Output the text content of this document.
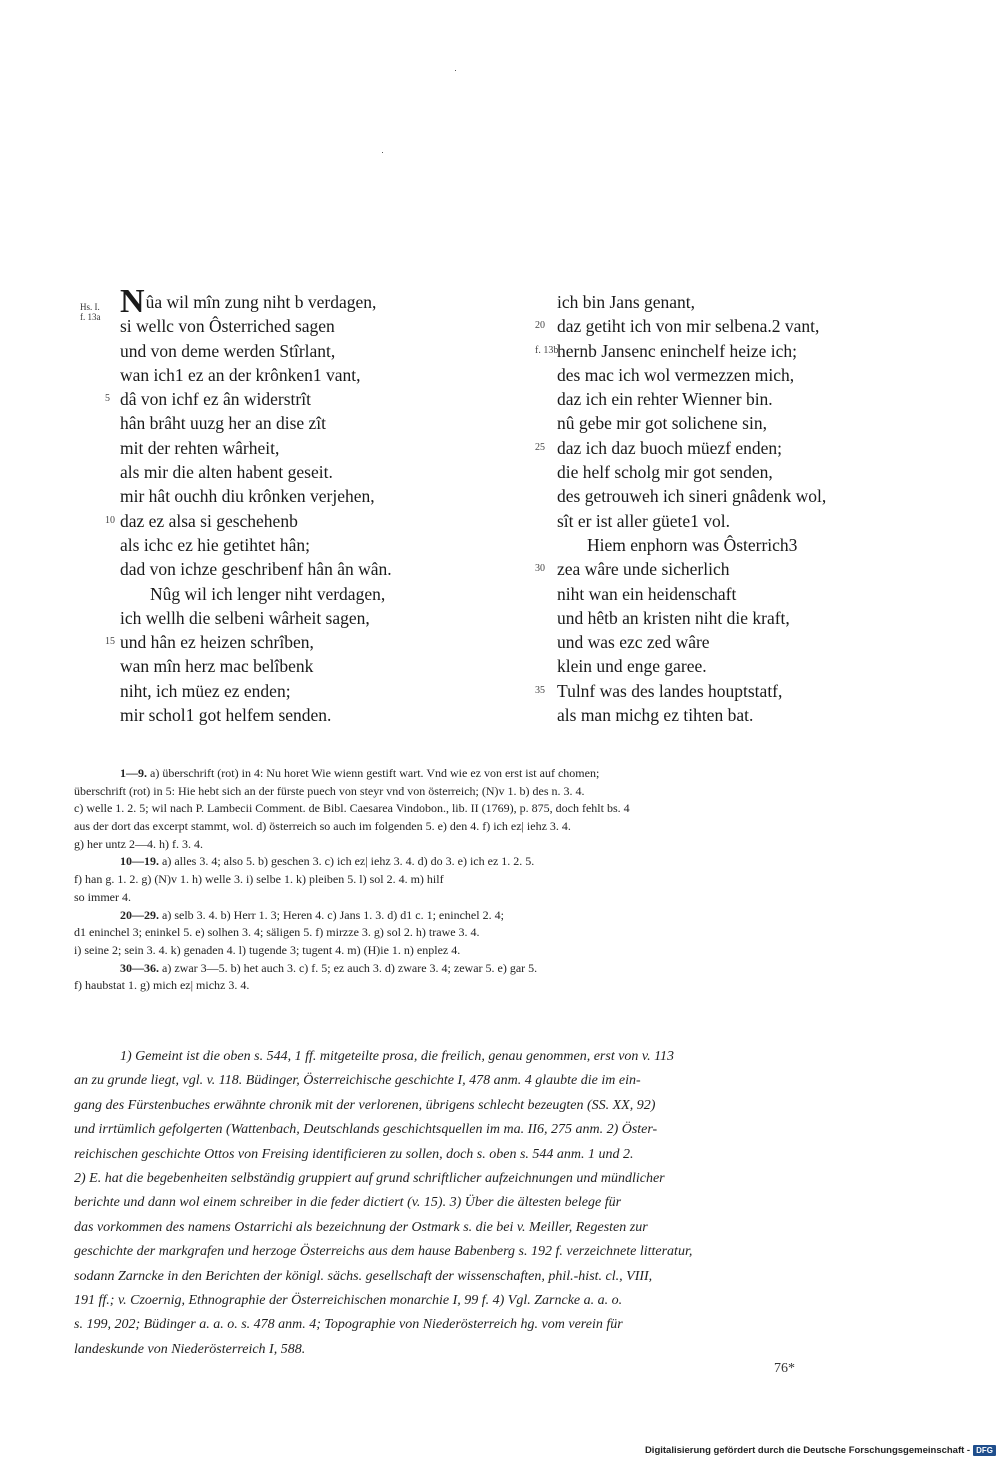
Hs. I.
f. 13a Nûa wil mîn zung niht b verdagen,
si wellc von Ôsterriched sagen
und von deme werden Stîrlant,
wan ich1 ez an der krônken1 vant,
5 dâ von ichf ez ân widerstrît
hân brâht uuzg her an dise zît
mit der rehten wârheit,
als mir die alten habent geseit.
mir hât ouchh diu krônken verjehen,
10 daz ez alsa si geschehenb
als ichc ez hie getihtet hân;
dad von ichze geschribenf hân ân wân.
Nûg wil ich lenger niht verdagen,
ich wellh die selbeni wârheit sagen,
15 und hân ez heizen schrîben,
wan mîn herz mac belîbenk
niht, ich müez ez enden;
mir schol1 got helfem senden.
ich bin Jans genant,
20 daz getiht ich von mir selbena.2 vant,
f. 13b
hernb Jansenc eninchelf heize ich;
des mac ich wol vermezzen mich,
daz ich ein rehter Wienner bin.
nû gebe mir got solichene sin,
25 daz ich daz buoch müezf enden;
die helf scholg mir got senden,
des getrouweh ich sineri gnâdenk wol,
sît er ist aller güete1 vol.
Hiem enphorn was Ôsterrich3
30 zea wâre unde sicherlich
niht wan ein heidenschaft
und hêtb an kristen niht die kraft,
und was ezc zed wâre
klein und enge garee.
35 Tulnf was des landes houptstatf,
als man michg ez tihten bat.
1—9. a) überschrift (rot) in 4: Nu horet Wie wienn gestift wart. Vnd wie ez von erst ist auf chomen;
überschrift (rot) in 5: Hie hebt sich an der fürste puech von steyr vnd von österreich; (N)v 1. b) des n. 3. 4.
c) welle 1. 2. 5; wil nach P. Lambecii Comment. de Bibl. Caesarea Vindobon., lib. II (1769), p. 875, doch fehlt bs. 4
aus der dort das excerpt stammt, wol. d) österreich so auch im folgenden 5. e) den 4. f) ich ez| iehz 3. 4.
g) her untz 2—4. h) f. 3. 4.
10—19. a) alles 3. 4; also 5. b) geschen 3. c) ich ez| iehz 3. 4. d) do 3. e) ich ez 1. 2. 5.
f) han g. 1. 2. g) (N)v 1. h) welle 3. i) selbe 1. k) pleiben 5. l) sol 2. 4. m) hilf
so immer 4.
20—29. a) selb 3. 4. b) Herr 1. 3; Heren 4. c) Jans 1. 3. d) d1 c. 1; eninchel 2. 4;
d1 eninchel 3; eninkel 5. e) solhen 3. 4; säligen 5. f) mirzze 3. g) sol 2. h) trawe 3. 4.
i) seine 2; sein 3. 4. k) genaden 4. l) tugende 3; tugent 4. m) (H)ie 1. n) enplez 4.
30—36. a) zwar 3—5. b) het auch 3. c) f. 5; ez auch 3. d) zware 3. 4; zewar 5. e) gar 5.
f) haubstat 1. g) mich ez| michz 3. 4.
1) Gemeint ist die oben s. 544, 1 ff. mitgeteilte prosa, die freilich, genau genommen, erst von v. 113
an zu grunde liegt, vgl. v. 118. Büdinger, Österreichische geschichte I, 478 anm. 4 glaubte die im ein-
gang des Fürstenbuches erwähnte chronik mit der verlorenen, übrigens schlecht bezeugten (SS. XX, 92)
und irrtümlich gefolgerten (Wattenbach, Deutschlands geschichtsquellen im ma. II6, 275 anm. 2) Öster-
reichischen geschichte Ottos von Freising identificieren zu sollen, doch s. oben s. 544 anm. 1 und 2.
2) E. hat die begebenheiten selbständig gruppiert auf grund schriftlicher aufzeichnungen und mündlicher
berichte und dann wol einem schreiber in die feder dictiert (v. 15). 3) Über die ältesten belege für
das vorkommen des namens Ostarrichi als bezeichnung der Ostmark s. die bei v. Meiller, Regesten zur
geschichte der markgrafen und herzoge Österreichs aus dem hause Babenberg s. 192 f. verzeichnete litteratur,
sodann Zarncke in den Berichten der königl. sächs. gesellschaft der wissenschaften, phil.-hist. cl., VIII,
191 ff.; v. Czoernig, Ethnographie der Österreichischen monarchie I, 99 f. 4) Vgl. Zarncke a. a. o.
s. 199, 202; Büdinger a. a. o. s. 478 anm. 4; Topographie von Niederösterreich hg. vom verein für
landeskunde von Niederösterreich I, 588.
76*
Digitalisierung gefördert durch die Deutsche Forschungsgemeinschaft - DFG
